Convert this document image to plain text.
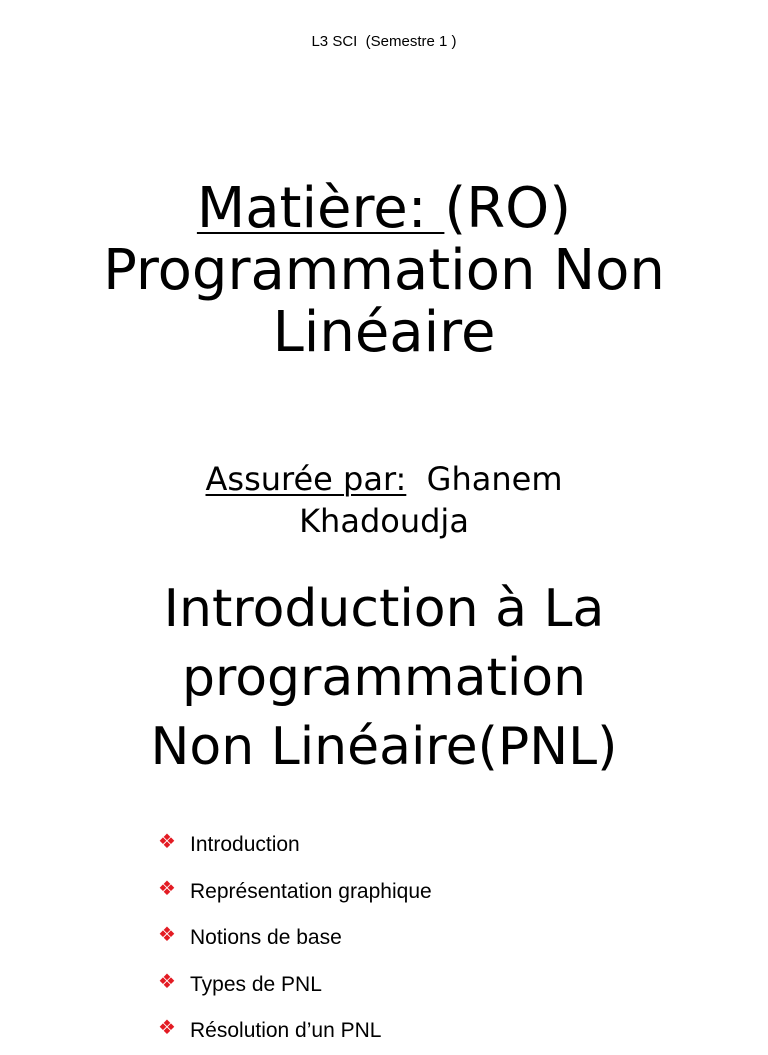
L3 SCI  (Semestre 1 )
Matière: (RO)
Programmation Non
Linéaire
Assurée par: Ghanem
Khadoudja
Introduction à La
programmation
Non Linéaire(PNL)
❖ Introduction
❖ Représentation graphique
❖ Notions de base
❖ Types de PNL
❖ Résolution d’un PNL
